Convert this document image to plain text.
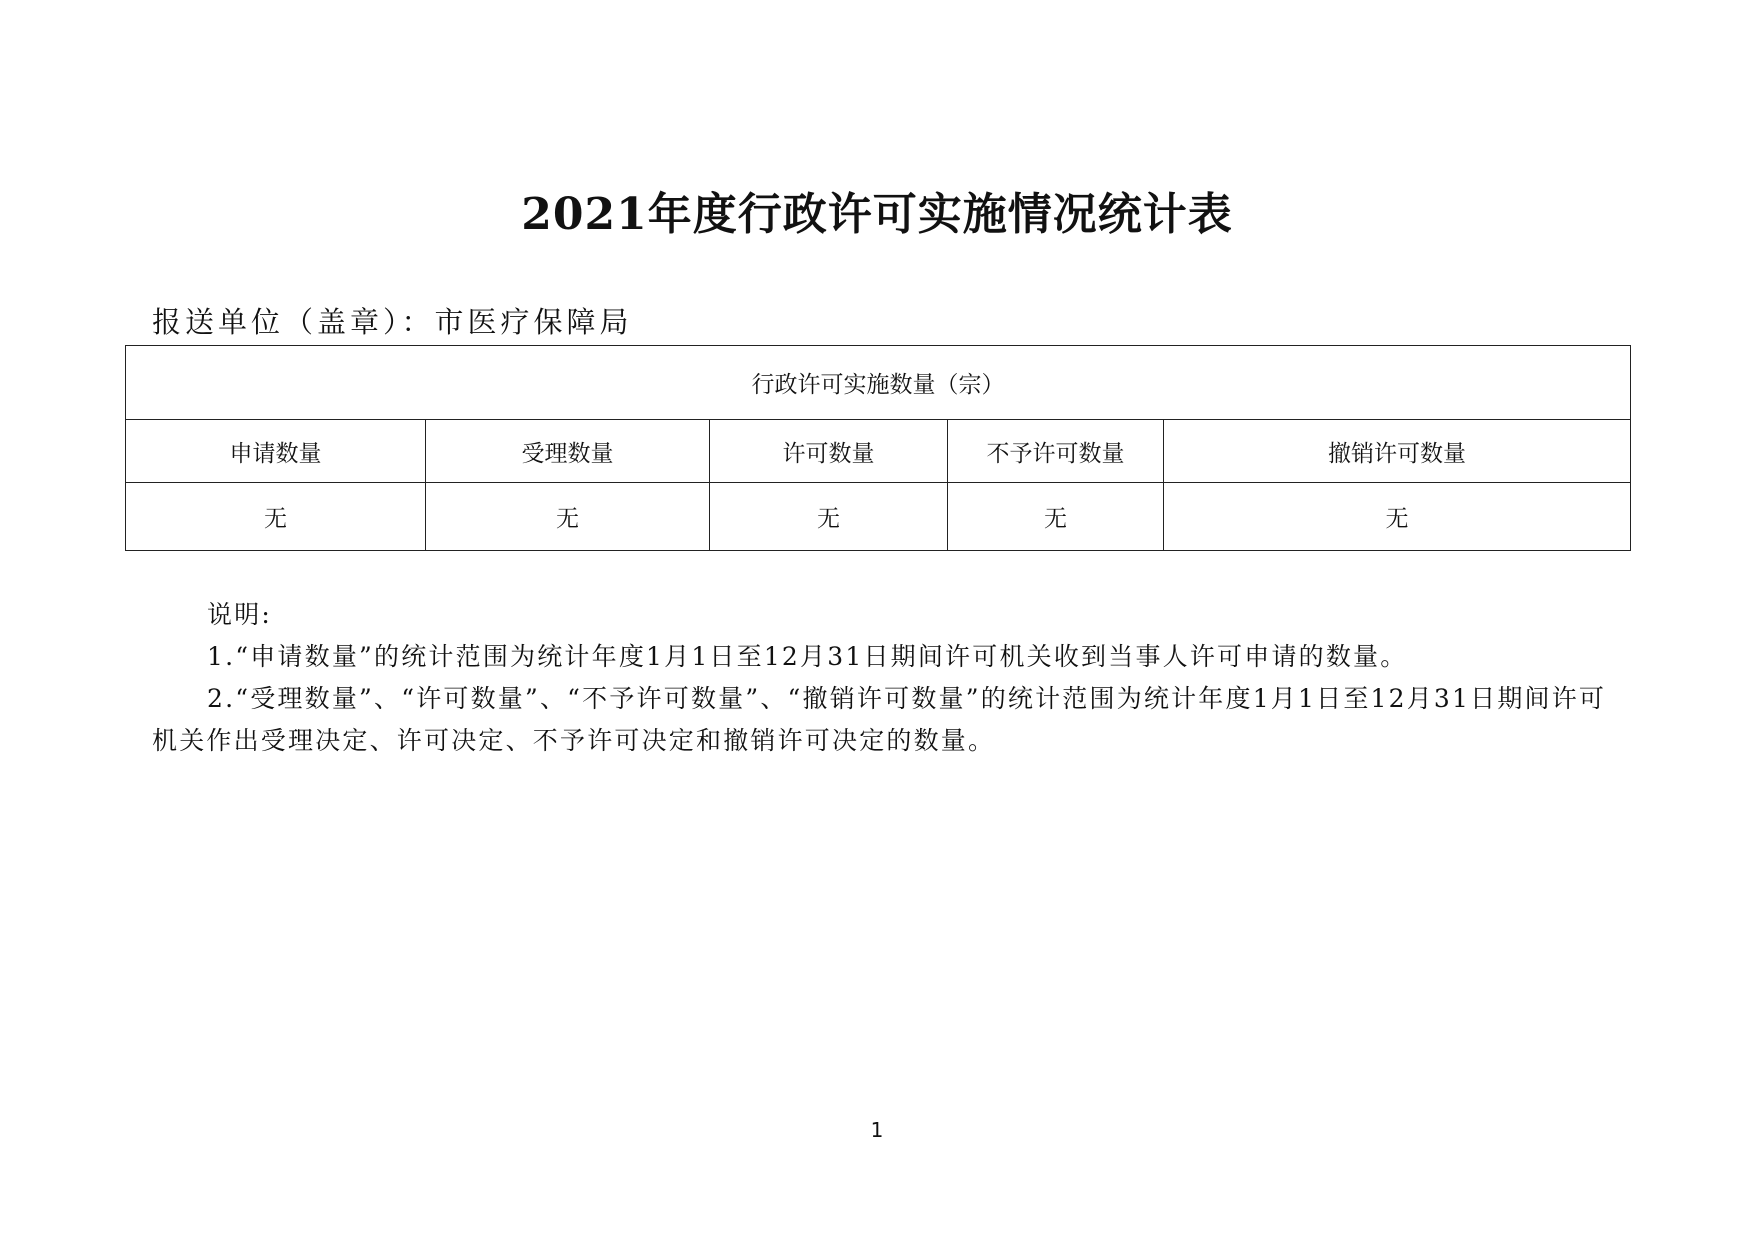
2021年度行政许可实施情况统计表
报送单位（盖章）：市医疗保障局
行政许可实施数量（宗）				
申请数量	受理数量	许可数量	不予许可数量	撤销许可数量
无	无	无	无	无

说明:

1.“申请数量”的统计范围为统计年度1月1日至12月31日期间许可机关收到当事人许可申请的数量。

2.“受理数量”、“许可数量”、“不予许可数量”、“撤销许可数量”的统计范围为统计年度1月1日至12月31日期间许可机关作出受理决定、许可决定、不予许可决定和撤销许可决定的数量。

1
